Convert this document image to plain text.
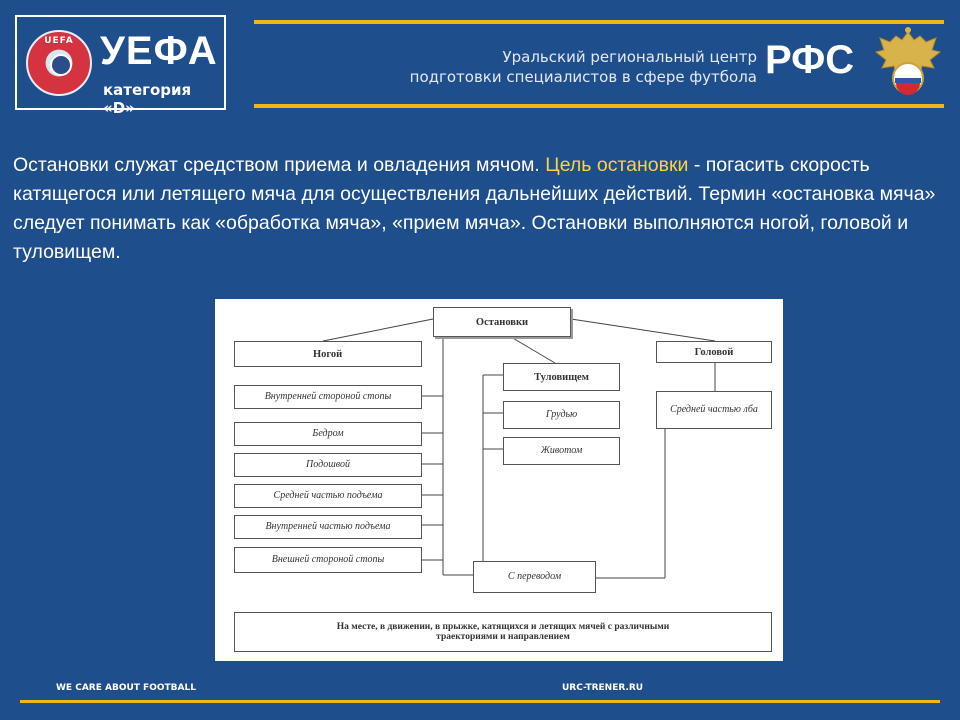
UEFA УЕФА
категория «D»
Уральский региональный центр
подготовки специалистов в сфере футбола РФС
Остановки служат средством приема и овладения мячом. Цель остановки - погасить скорость катящегося или летящего мяча для осуществления дальнейших действий. Термин «остановка мяча» следует понимать как «обработка мяча», «прием мяча». Остановки выполняются ногой, головой и туловищем.
Остановки
Ногой
Внутренней стороной стопы
Бедром
Подошвой
Средней частью подъема
Внутренней частью подъема
Внешней стороной стопы
Туловищем
Грудью
Животом
Головой
Средней частью лба
С переводом
На месте, в движении, в прыжке, катящихся и летящих мячей с различными
траекториями и направлением
WE CARE ABOUT FOOTBALL	URC-TRENER.RU
